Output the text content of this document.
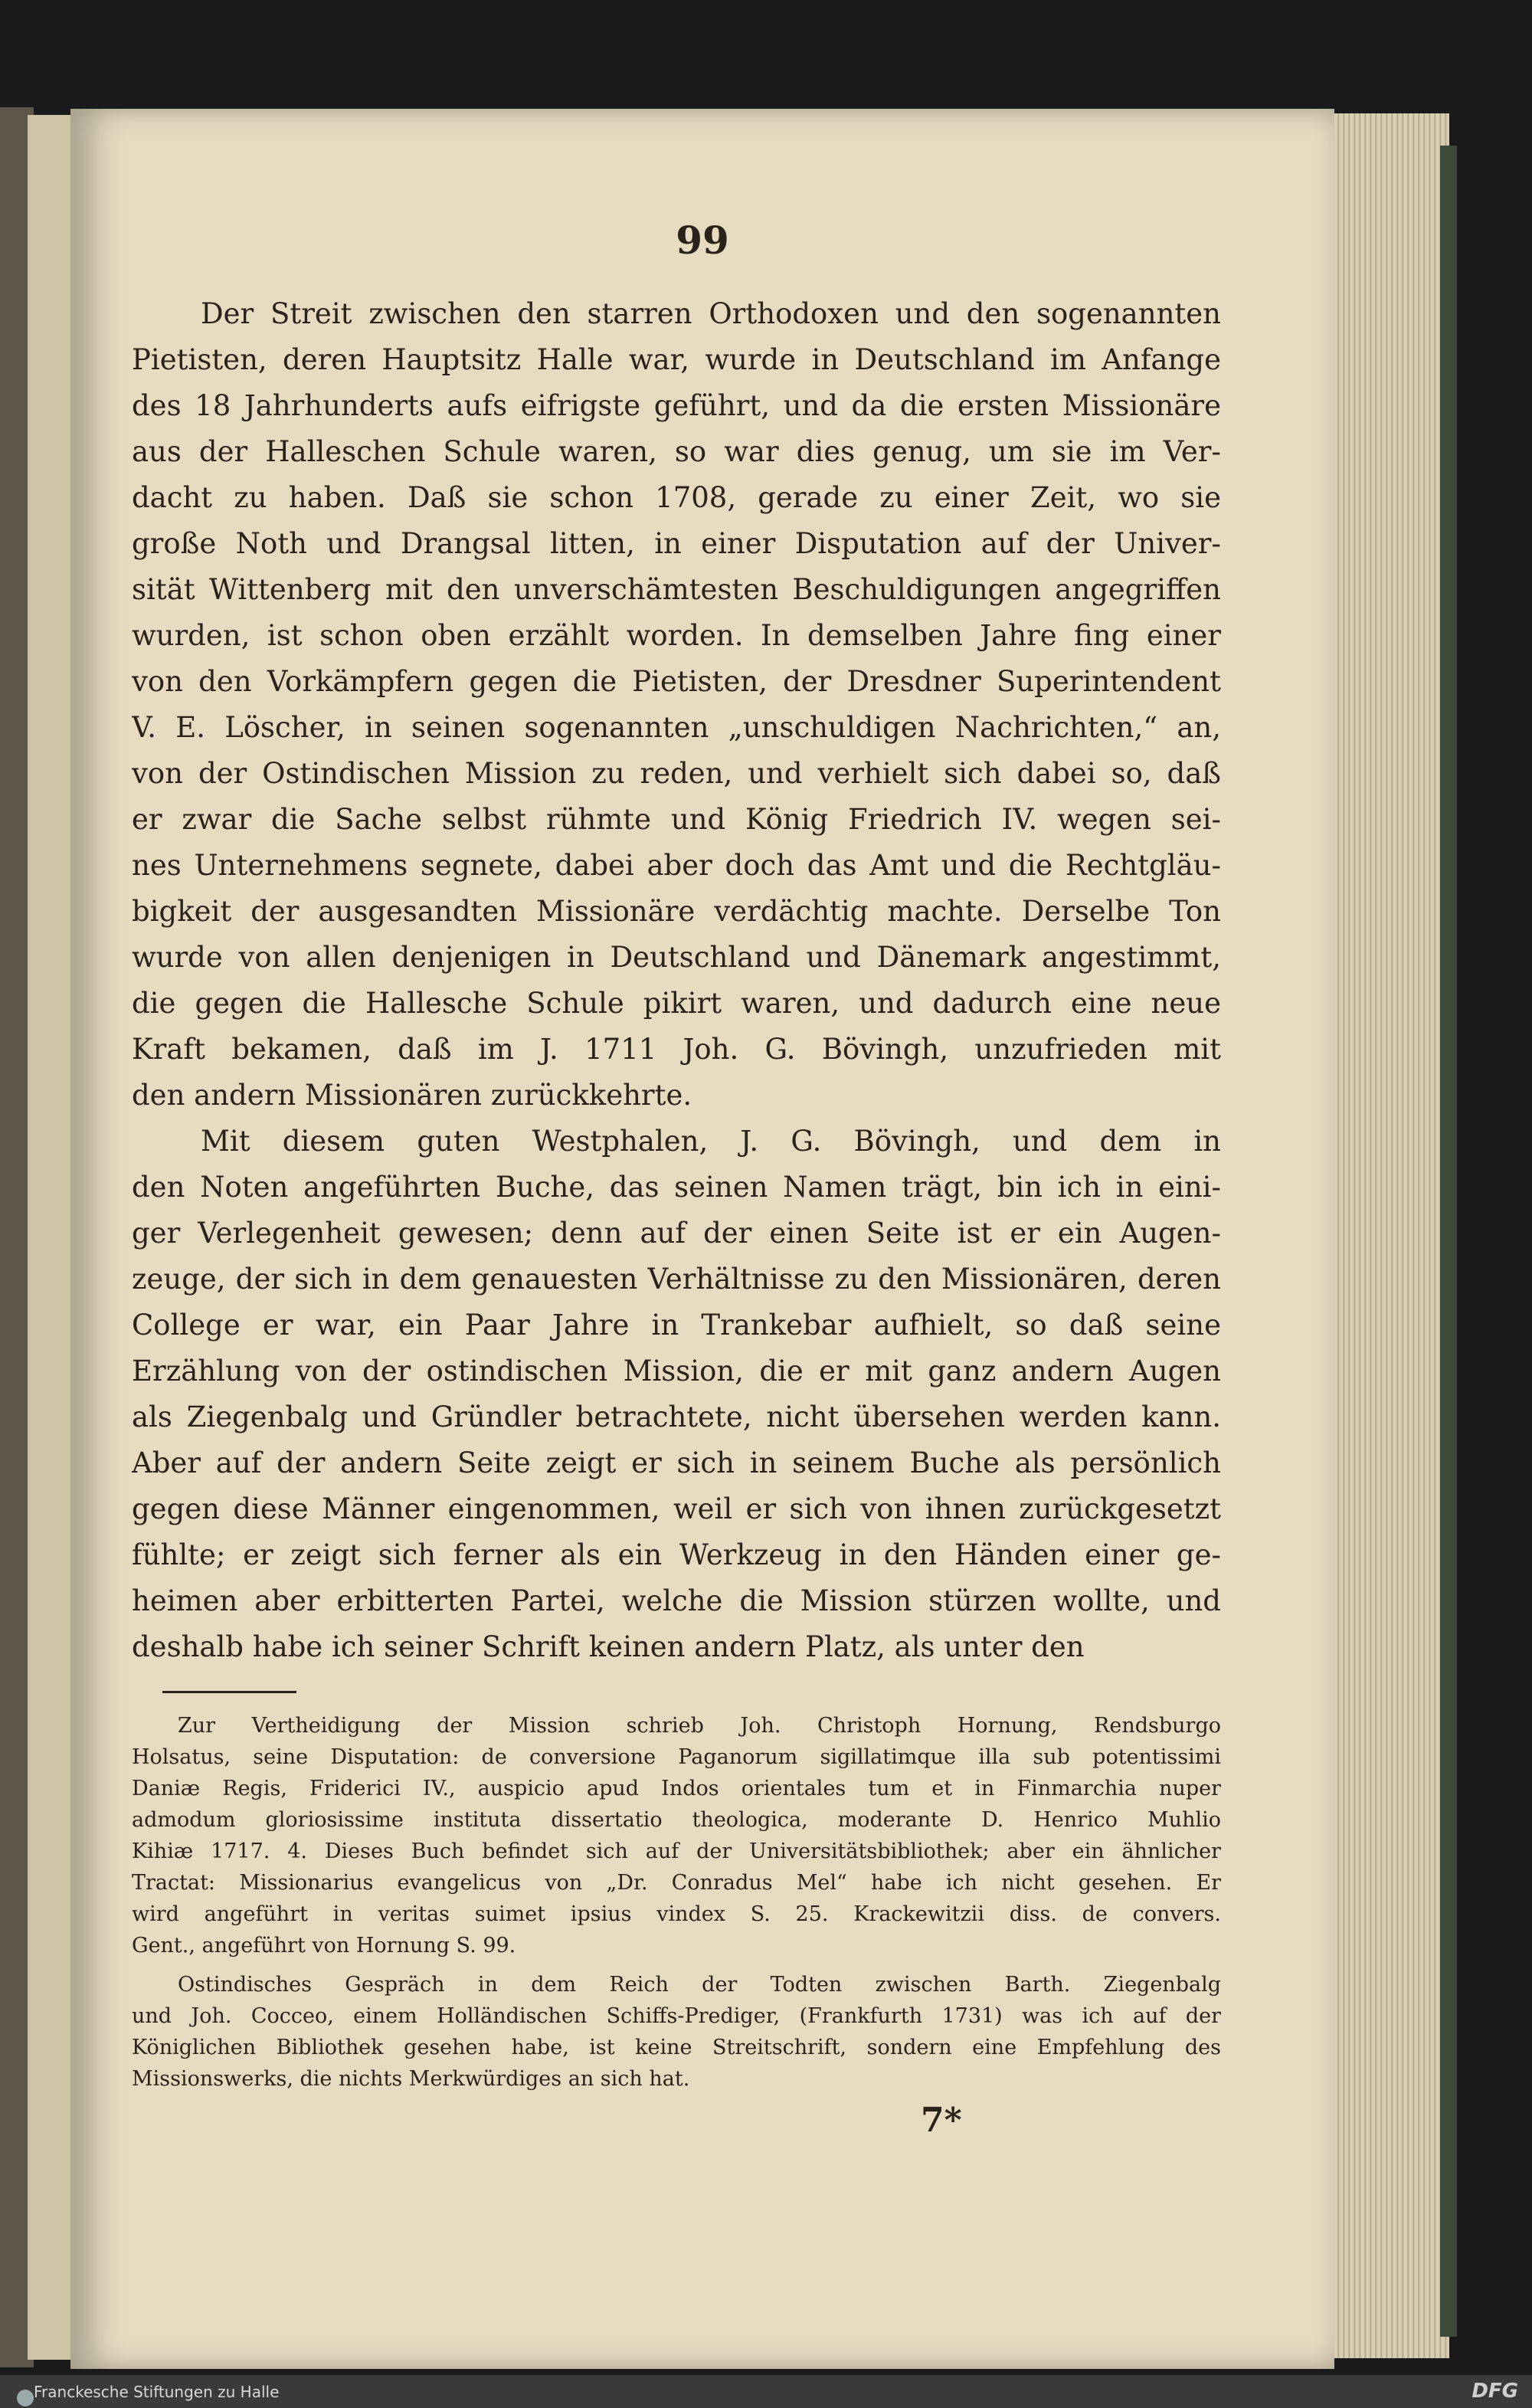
99
Der Streit zwischen den starren Orthodoxen und den sogenannten
Pietisten, deren Hauptsitz Halle war, wurde in Deutschland im Anfange
des 18 Jahrhunderts aufs eifrigste geführt, und da die ersten Missionäre
aus der Halleschen Schule waren, so war dies genug, um sie im Ver-
dacht zu haben. Daß sie schon 1708, gerade zu einer Zeit, wo sie
große Noth und Drangsal litten, in einer Disputation auf der Univer-
sität Wittenberg mit den unverschämtesten Beschuldigungen angegriffen
wurden, ist schon oben erzählt worden. In demselben Jahre fing einer
von den Vorkämpfern gegen die Pietisten, der Dresdner Superintendent
V. E. Löscher, in seinen sogenannten „unschuldigen Nachrichten,“ an,
von der Ostindischen Mission zu reden, und verhielt sich dabei so, daß
er zwar die Sache selbst rühmte und König Friedrich IV. wegen sei-
nes Unternehmens segnete, dabei aber doch das Amt und die Rechtgläu-
bigkeit der ausgesandten Missionäre verdächtig machte. Derselbe Ton
wurde von allen denjenigen in Deutschland und Dänemark angestimmt,
die gegen die Hallesche Schule pikirt waren, und dadurch eine neue
Kraft bekamen, daß im J. 1711 Joh. G. Bövingh, unzufrieden mit
den andern Missionären zurückkehrte.
Mit diesem guten Westphalen, J. G. Bövingh, und dem in
den Noten angeführten Buche, das seinen Namen trägt, bin ich in eini-
ger Verlegenheit gewesen; denn auf der einen Seite ist er ein Augen-
zeuge, der sich in dem genauesten Verhältnisse zu den Missionären, deren
College er war, ein Paar Jahre in Trankebar aufhielt, so daß seine
Erzählung von der ostindischen Mission, die er mit ganz andern Augen
als Ziegenbalg und Gründler betrachtete, nicht übersehen werden kann.
Aber auf der andern Seite zeigt er sich in seinem Buche als persönlich
gegen diese Männer eingenommen, weil er sich von ihnen zurückgesetzt
fühlte; er zeigt sich ferner als ein Werkzeug in den Händen einer ge-
heimen aber erbitterten Partei, welche die Mission stürzen wollte, und
deshalb habe ich seiner Schrift keinen andern Platz, als unter den
Zur Vertheidigung der Mission schrieb Joh. Christoph Hornung, Rendsburgo
Holsatus, seine Disputation: de conversione Paganorum sigillatimque illa sub potentissimi
Daniæ Regis, Friderici IV., auspicio apud Indos orientales tum et in Finmarchia nuper
admodum gloriosissime instituta dissertatio theologica, moderante D. Henrico Muhlio
Kihiæ 1717. 4. Dieses Buch befindet sich auf der Universitätsbibliothek; aber ein ähnlicher
Tractat: Missionarius evangelicus von „Dr. Conradus Mel“ habe ich nicht gesehen. Er
wird angeführt in veritas suimet ipsius vindex S. 25. Krackewitzii diss. de convers.
Gent., angeführt von Hornung S. 99.
Ostindisches Gespräch in dem Reich der Todten zwischen Barth. Ziegenbalg
und Joh. Cocceo, einem Holländischen Schiffs-Prediger, (Frankfurth 1731) was ich auf der
Königlichen Bibliothek gesehen habe, ist keine Streitschrift, sondern eine Empfehlung des
Missionswerks, die nichts Merkwürdiges an sich hat.
7*
Franckesche Stiftungen zu Halle	DFG
